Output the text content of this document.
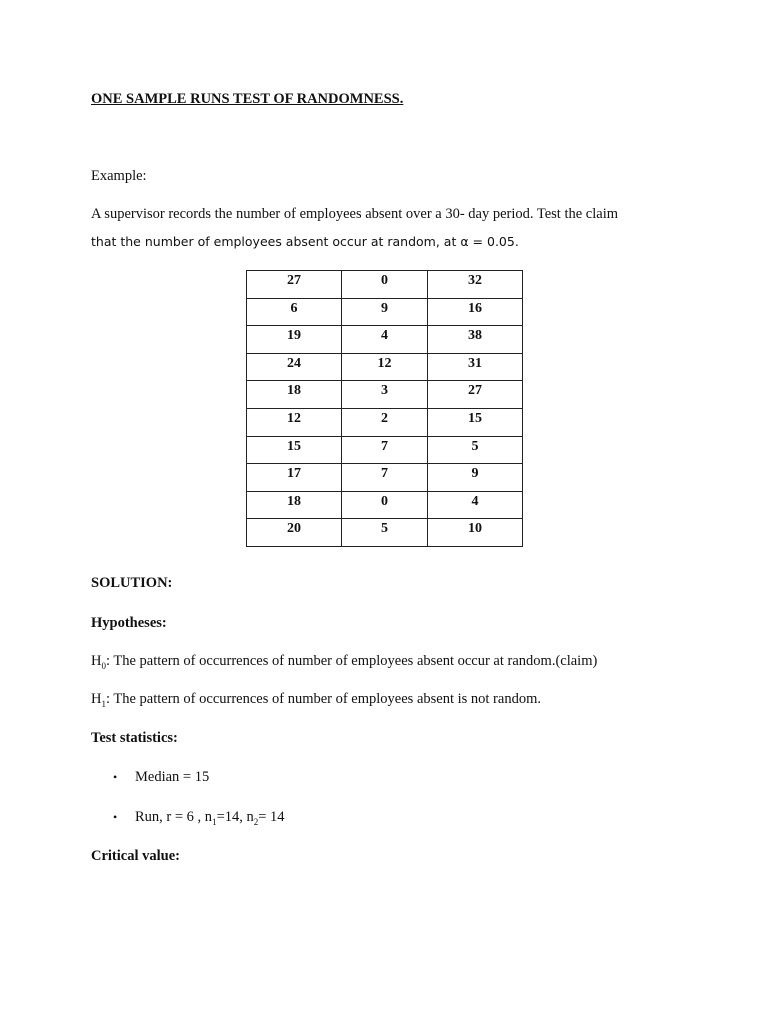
ONE SAMPLE RUNS TEST OF RANDOMNESS.
Example:
A supervisor records the number of employees absent over a 30- day period. Test the claim
that the number of employees absent occur at random, at α = 0.05.
27	0	32
6	9	16
19	4	38
24	12	31
18	3	27
12	2	15
15	7	5
17	7	9
18	0	4
20	5	10
SOLUTION:
Hypotheses:
$H_0$: The pattern of occurrences of number of employees absent occur at random.(claim)
$H_1$: The pattern of occurrences of number of employees absent is not random.
Test statistics:
• Median = 15
• Run, r = 6 , $n_1=14$, $n_2= 14$
Critical value:
